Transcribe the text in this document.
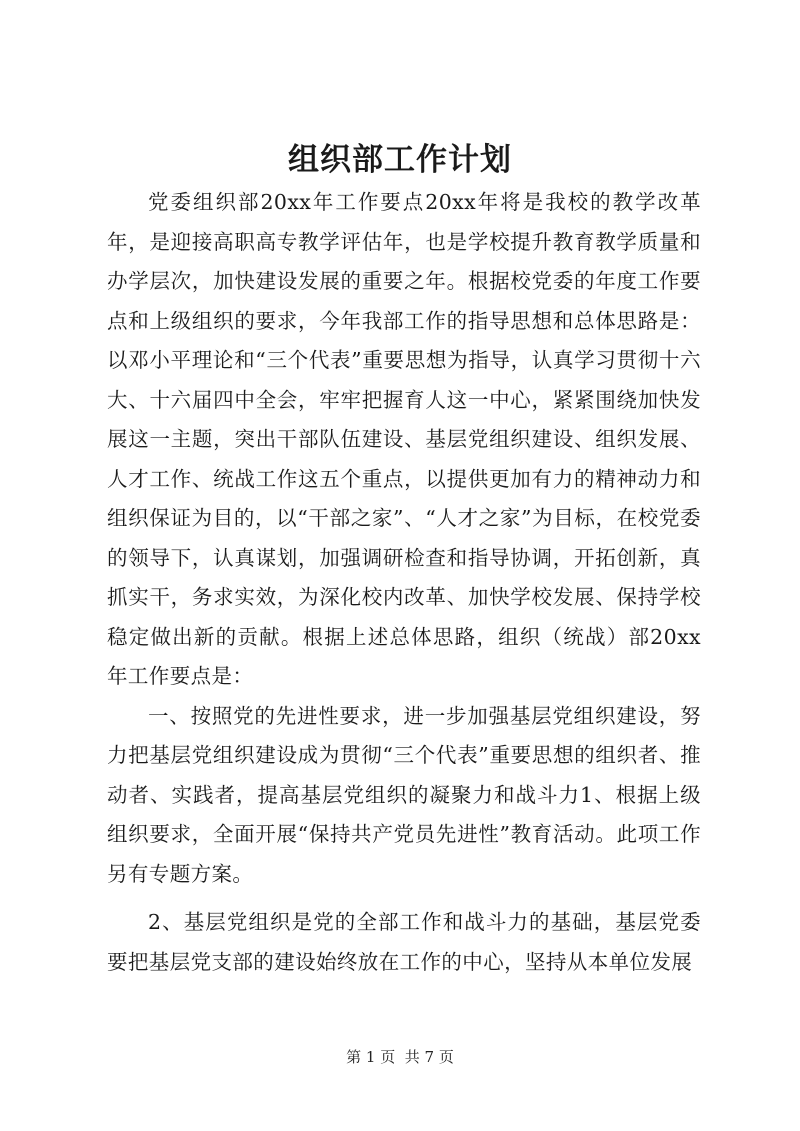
组织部工作计划

党委组织部20xx年工作要点20xx年将是我校的教学改革年，是迎接高职高专教学评估年，也是学校提升教育教学质量和办学层次，加快建设发展的重要之年。根据校党委的年度工作要点和上级组织的要求，今年我部工作的指导思想和总体思路是：以邓小平理论和“三个代表”重要思想为指导，认真学习贯彻十六大、十六届四中全会，牢牢把握育人这一中心，紧紧围绕加快发展这一主题，突出干部队伍建设、基层党组织建设、组织发展、人才工作、统战工作这五个重点，以提供更加有力的精神动力和组织保证为目的，以“干部之家”、“人才之家”为目标，在校党委的领导下，认真谋划，加强调研检查和指导协调，开拓创新，真抓实干，务求实效，为深化校内改革、加快学校发展、保持学校稳定做出新的贡献。根据上述总体思路，组织（统战）部20xx年工作要点是：

一、按照党的先进性要求，进一步加强基层党组织建设，努力把基层党组织建设成为贯彻“三个代表”重要思想的组织者、推动者、实践者，提高基层党组织的凝聚力和战斗力1、根据上级组织要求，全面开展“保持共产党员先进性”教育活动。此项工作另有专题方案。

2、基层党组织是党的全部工作和战斗力的基础，基层党委要把基层党支部的建设始终放在工作的中心，坚持从本单位发展

第 1 页  共 7 页
